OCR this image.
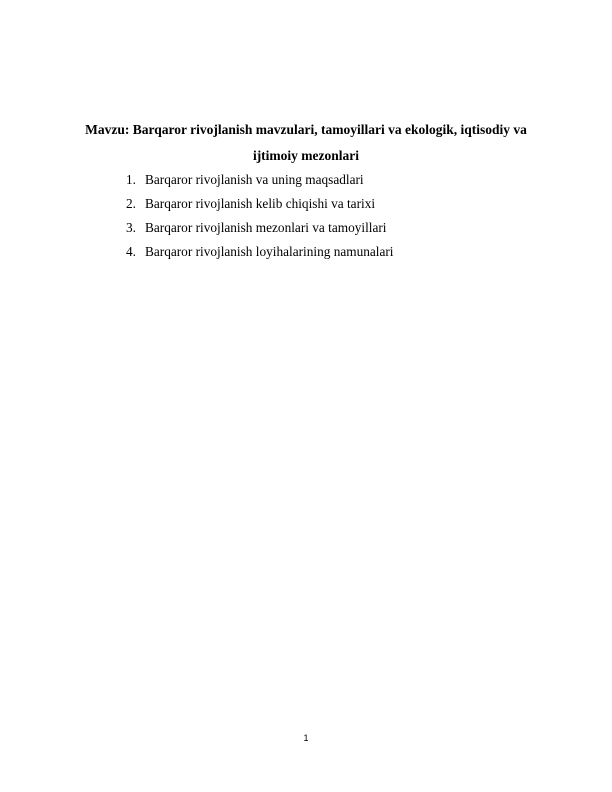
Mavzu: Barqaror rivojlanish mavzulari, tamoyillari va ekologik, iqtisodiy va ijtimoiy mezonlari

1. Barqaror rivojlanish va uning maqsadlari
2. Barqaror rivojlanish kelib chiqishi va tarixi
3. Barqaror rivojlanish mezonlari va tamoyillari
4. Barqaror rivojlanish loyihalarining namunalari
1
